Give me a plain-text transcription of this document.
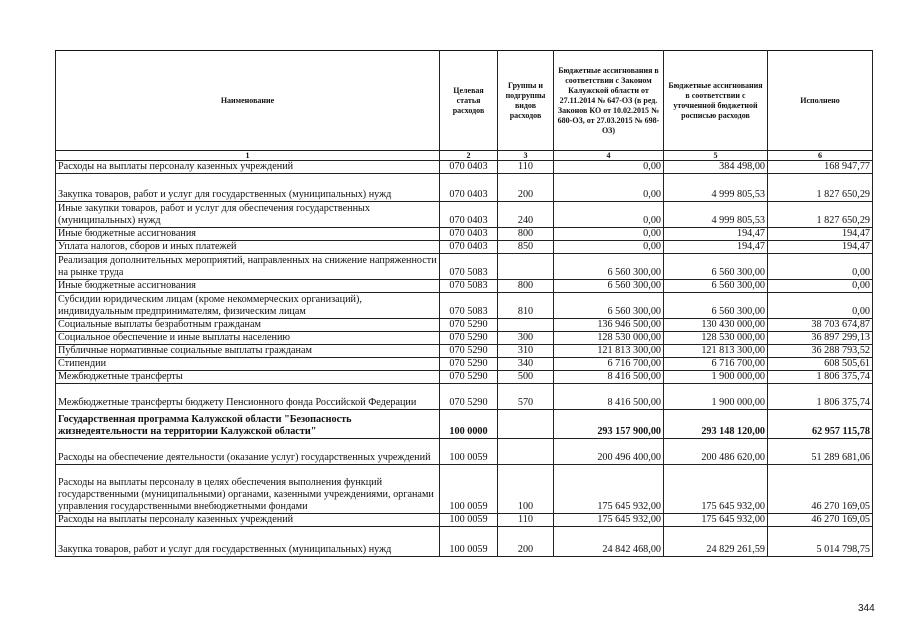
Наименование	Целевая статья расходов	Группы и подгруппы видов расходов	Бюджетные ассигнования в соответствии с Законом Калужской области от 27.11.2014 № 647-ОЗ (в ред. Законов КО от 10.02.2015 № 680-ОЗ, от 27.03.2015 № 698-ОЗ)	Бюджетные ассигнования в соответствии с уточненной бюджетной росписью расходов	Исполнено
1	2	3	4	5	6
Расходы на выплаты персоналу казенных учреждений	070 0403	110	0,00	384 498,00	168 947,77
Закупка товаров, работ и услуг для государственных (муниципальных) нужд	070 0403	200	0,00	4 999 805,53	1 827 650,29
Иные закупки товаров, работ и услуг для обеспечения государственных (муниципальных) нужд	070 0403	240	0,00	4 999 805,53	1 827 650,29
Иные бюджетные ассигнования	070 0403	800	0,00	194,47	194,47
Уплата налогов, сборов и иных платежей	070 0403	850	0,00	194,47	194,47
Реализация дополнительных мероприятий, направленных на снижение напряженности на рынке труда	070 5083		6 560 300,00	6 560 300,00	0,00
Иные бюджетные ассигнования	070 5083	800	6 560 300,00	6 560 300,00	0,00
Субсидии юридическим лицам (кроме некоммерческих организаций), индивидуальным предпринимателям, физическим лицам	070 5083	810	6 560 300,00	6 560 300,00	0,00
Социальные выплаты безработным гражданам	070 5290		136 946 500,00	130 430 000,00	38 703 674,87
Социальное обеспечение и иные выплаты населению	070 5290	300	128 530 000,00	128 530 000,00	36 897 299,13
Публичные нормативные социальные выплаты гражданам	070 5290	310	121 813 300,00	121 813 300,00	36 288 793,52
Стипендии	070 5290	340	6 716 700,00	6 716 700,00	608 505,61
Межбюджетные трансферты	070 5290	500	8 416 500,00	1 900 000,00	1 806 375,74
Межбюджетные трансферты бюджету Пенсионного фонда Российской Федерации	070 5290	570	8 416 500,00	1 900 000,00	1 806 375,74
Государственная программа Калужской области "Безопасность жизнедеятельности на территории Калужской области"	100 0000		293 157 900,00	293 148 120,00	62 957 115,78
Расходы на обеспечение деятельности (оказание услуг) государственных учреждений	100 0059		200 496 400,00	200 486 620,00	51 289 681,06
Расходы на выплаты персоналу в целях обеспечения выполнения функций государственными (муниципальными) органами, казенными учреждениями, органами управления государственными внебюджетными фондами	100 0059	100	175 645 932,00	175 645 932,00	46 270 169,05
Расходы на выплаты персоналу казенных учреждений	100 0059	110	175 645 932,00	175 645 932,00	46 270 169,05
Закупка товаров, работ и услуг для государственных (муниципальных) нужд	100 0059	200	24 842 468,00	24 829 261,59	5 014 798,75
344
